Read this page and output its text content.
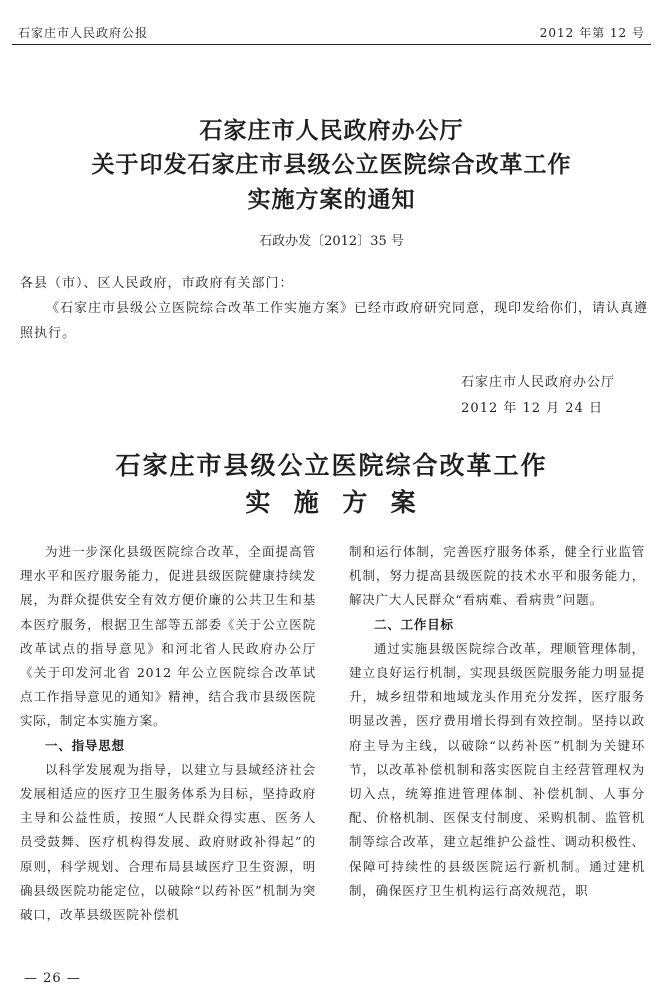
石家庄市人民政府公报	2012 年第 12 号
石家庄市人民政府办公厅
关于印发石家庄市县级公立医院综合改革工作
实施方案的通知
石政办发〔2012〕35 号
各县（市）、区人民政府，市政府有关部门：
《石家庄市县级公立医院综合改革工作实施方案》已经市政府研究同意，现印发给你们，请认真遵照执行。
石家庄市人民政府办公厅
2012 年 12 月 24 日
石家庄市县级公立医院综合改革工作
实  施  方  案

为进一步深化县级医院综合改革，全面提高管理水平和医疗服务能力，促进县级医院健康持续发展，为群众提供安全有效方便价廉的公共卫生和基本医疗服务，根据卫生部等五部委《关于公立医院改革试点的指导意见》和河北省人民政府办公厅《关于印发河北省 2012 年公立医院综合改革试点工作指导意见的通知》精神，结合我市县级医院实际，制定本实施方案。

一、指导思想

以科学发展观为指导，以建立与县域经济社会发展相适应的医疗卫生服务体系为目标，坚持政府主导和公益性质，按照“人民群众得实惠、医务人员受鼓舞、医疗机构得发展、政府财政补得起”的原则，科学规划、合理布局县域医疗卫生资源，明确县级医院功能定位，以破除“以药补医”机制为突破口，改革县级医院补偿机

制和运行体制，完善医疗服务体系，健全行业监管机制，努力提高县级医院的技术水平和服务能力，解决广大人民群众“看病难、看病贵”问题。

二、工作目标

通过实施县级医院综合改革，理顺管理体制，建立良好运行机制，实现县级医院服务能力明显提升，城乡纽带和地域龙头作用充分发挥，医疗服务明显改善，医疗费用增长得到有效控制。坚持以政府主导为主线，以破除“以药补医”机制为关键环节，以改革补偿机制和落实医院自主经营管理权为切入点，统筹推进管理体制、补偿机制、人事分配、价格机制、医保支付制度、采购机制、监管机制等综合改革，建立起维护公益性、调动积极性、保障可持续性的县级医院运行新机制。通过建机制，确保医疗卫生机构运行高效规范，职

— 26 —
